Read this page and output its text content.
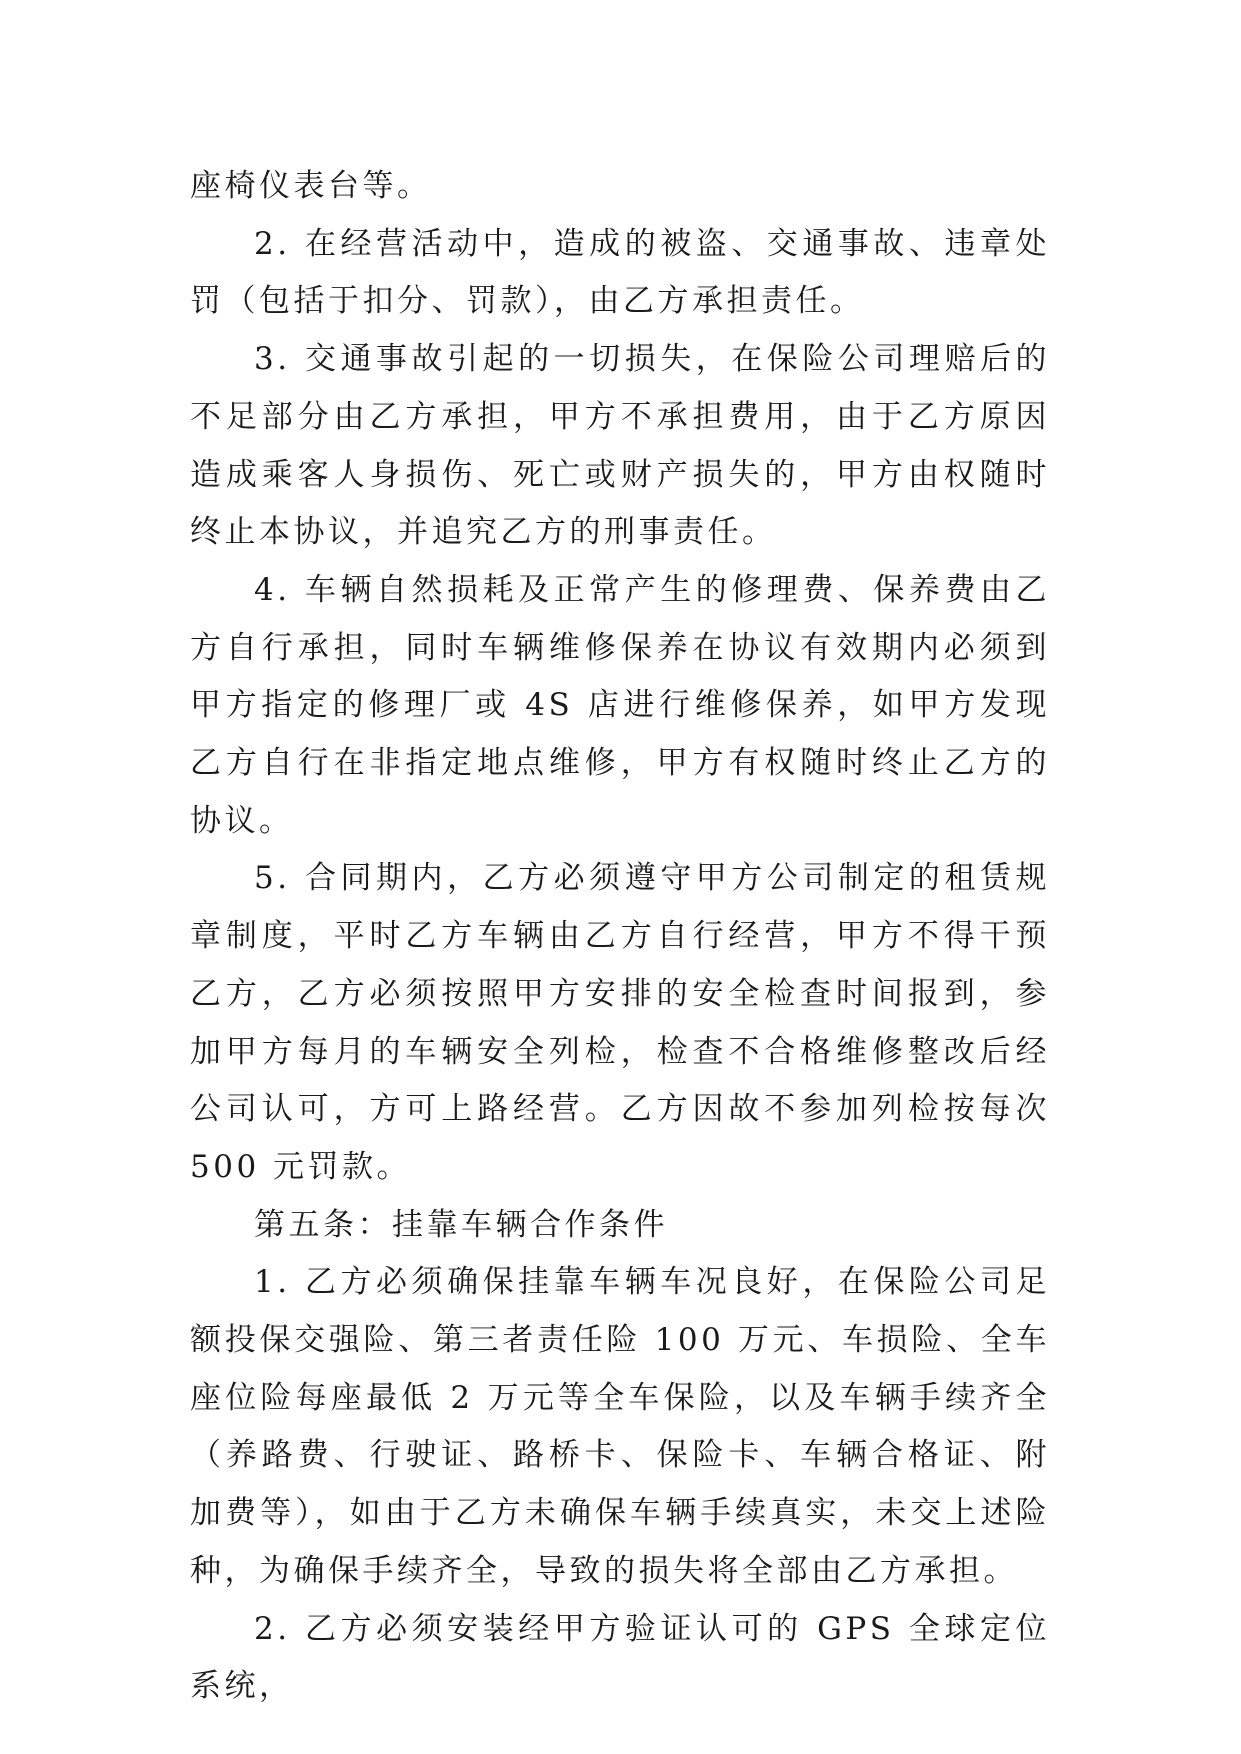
座椅仪表台等。

2. 在经营活动中，造成的被盗、交通事故、违章处罚（包括于扣分、罚款），由乙方承担责任。

3. 交通事故引起的一切损失，在保险公司理赔后的不足部分由乙方承担，甲方不承担费用，由于乙方原因造成乘客人身损伤、死亡或财产损失的，甲方由权随时终止本协议，并追究乙方的刑事责任。

4. 车辆自然损耗及正常产生的修理费、保养费由乙方自行承担，同时车辆维修保养在协议有效期内必须到甲方指定的修理厂或 4S 店进行维修保养，如甲方发现乙方自行在非指定地点维修，甲方有权随时终止乙方的协议。

5. 合同期内，乙方必须遵守甲方公司制定的租赁规章制度，平时乙方车辆由乙方自行经营，甲方不得干预乙方，乙方必须按照甲方安排的安全检查时间报到，参加甲方每月的车辆安全列检，检查不合格维修整改后经公司认可，方可上路经营。乙方因故不参加列检按每次 500 元罚款。

第五条：挂靠车辆合作条件

1. 乙方必须确保挂靠车辆车况良好，在保险公司足额投保交强险、第三者责任险 100 万元、车损险、全车座位险每座最低 2 万元等全车保险，以及车辆手续齐全（养路费、行驶证、路桥卡、保险卡、车辆合格证、附加费等），如由于乙方未确保车辆手续真实，未交上述险种，为确保手续齐全，导致的损失将全部由乙方承担。

2. 乙方必须安装经甲方验证认可的 GPS 全球定位系统，
